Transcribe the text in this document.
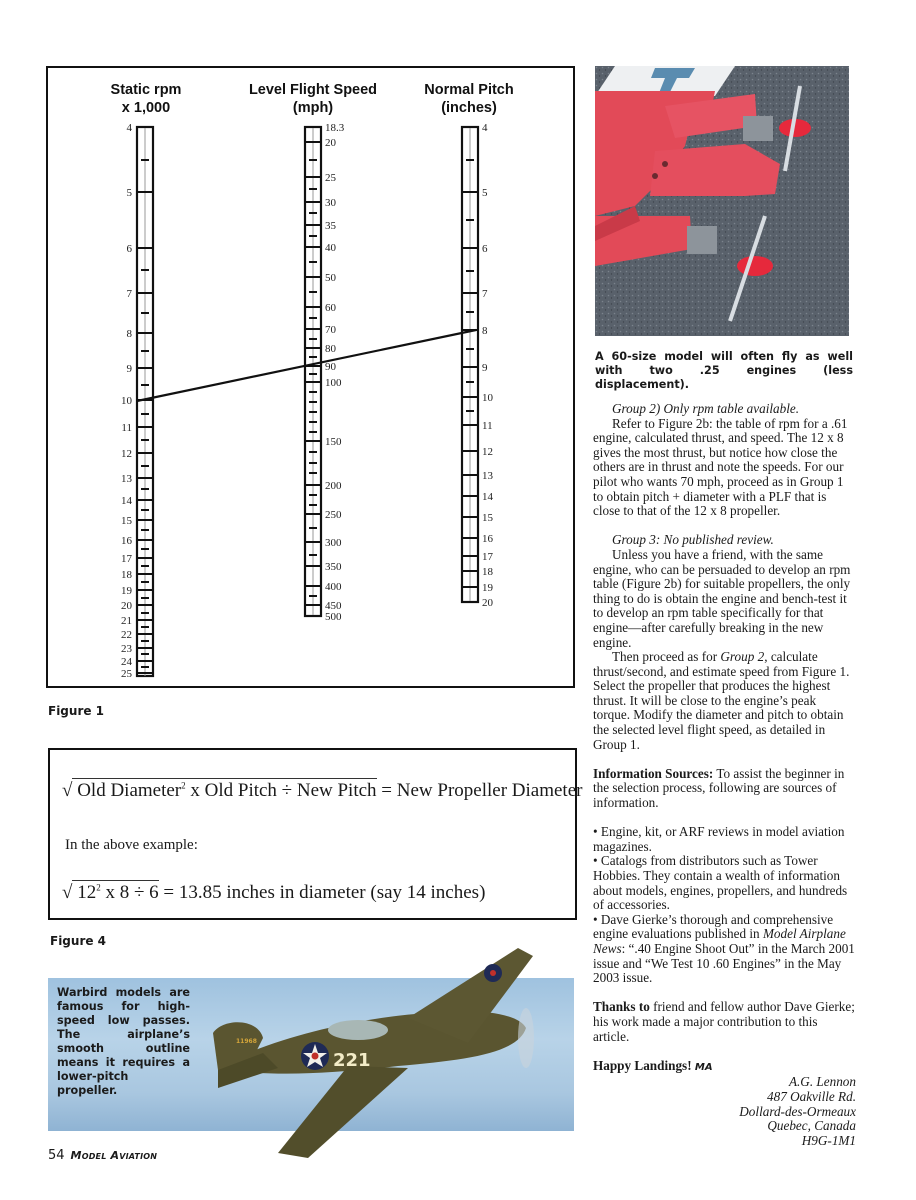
Static rpm
x 1,000
Level Flight Speed
(mph)
Normal Pitch
(inches)
4
5
6
7
8
9
10
11
12
13
14
15
16
17
18
19
20
21
22
23
24
25
18.3
20
25
30
35
40
50
60
70
80
90
100
150
200
250
300
350
400
450
500
4
5
6
7
8
9
10
11
12
13
14
15
16
17
18
19
20
Figure 1
√ Old Diameter$^2$ x Old Pitch ÷ New Pitch = New Propeller Diameter
In the above example:
√ $12^2$ x 8 ÷ 6 = 13.85 inches in diameter (say 14 inches)
Figure 4
A 60-size model will often fly as well with two .25 engines (less displacement).

Group 2) Only rpm table available.

Refer to Figure 2b: the table of rpm for a .61 engine, calculated thrust, and speed. The 12 x 8 gives the most thrust, but notice how close the others are in thrust and note the speeds. For our pilot who wants 70 mph, proceed as in Group 1 to obtain pitch + diameter with a PLF that is close to that of the 12 x 8 propeller.

Group 3: No published review.

Unless you have a friend, with the same engine, who can be persuaded to develop an rpm table (Figure 2b) for suitable propellers, the only thing to do is obtain the engine and bench-test it to develop an rpm table specifically for that engine—after carefully breaking in the new engine.

Then proceed as for Group 2, calculate thrust/second, and estimate speed from Figure 1. Select the propeller that produces the highest thrust. It will be close to the engine’s peak torque. Modify the diameter and pitch to obtain the selected level flight speed, as detailed in Group 1.

Information Sources: To assist the beginner in the selection process, following are sources of information.

• Engine, kit, or ARF reviews in model aviation magazines.

• Catalogs from distributors such as Tower Hobbies. They contain a wealth of information about models, engines, propellers, and hundreds of accessories.

• Dave Gierke’s thorough and comprehensive engine evaluations published in Model Airplane News: “.40 Engine Shoot Out” in the March 2001 issue and “We Test 10 .60 Engines” in the May 2003 issue.

Thanks to friend and fellow author Dave Gierke; his work made a major contribution to this article.

Happy Landings! MA

A.G. Lennon
487 Oakville Rd.
Dollard-des-Ormeaux
Quebec, Canada
H9G-1M1
221
11968
Warbird models are famous for high-speed low passes. The airplane’s smooth outline means it requires a lower-pitch propeller.
54 Model Aviation
